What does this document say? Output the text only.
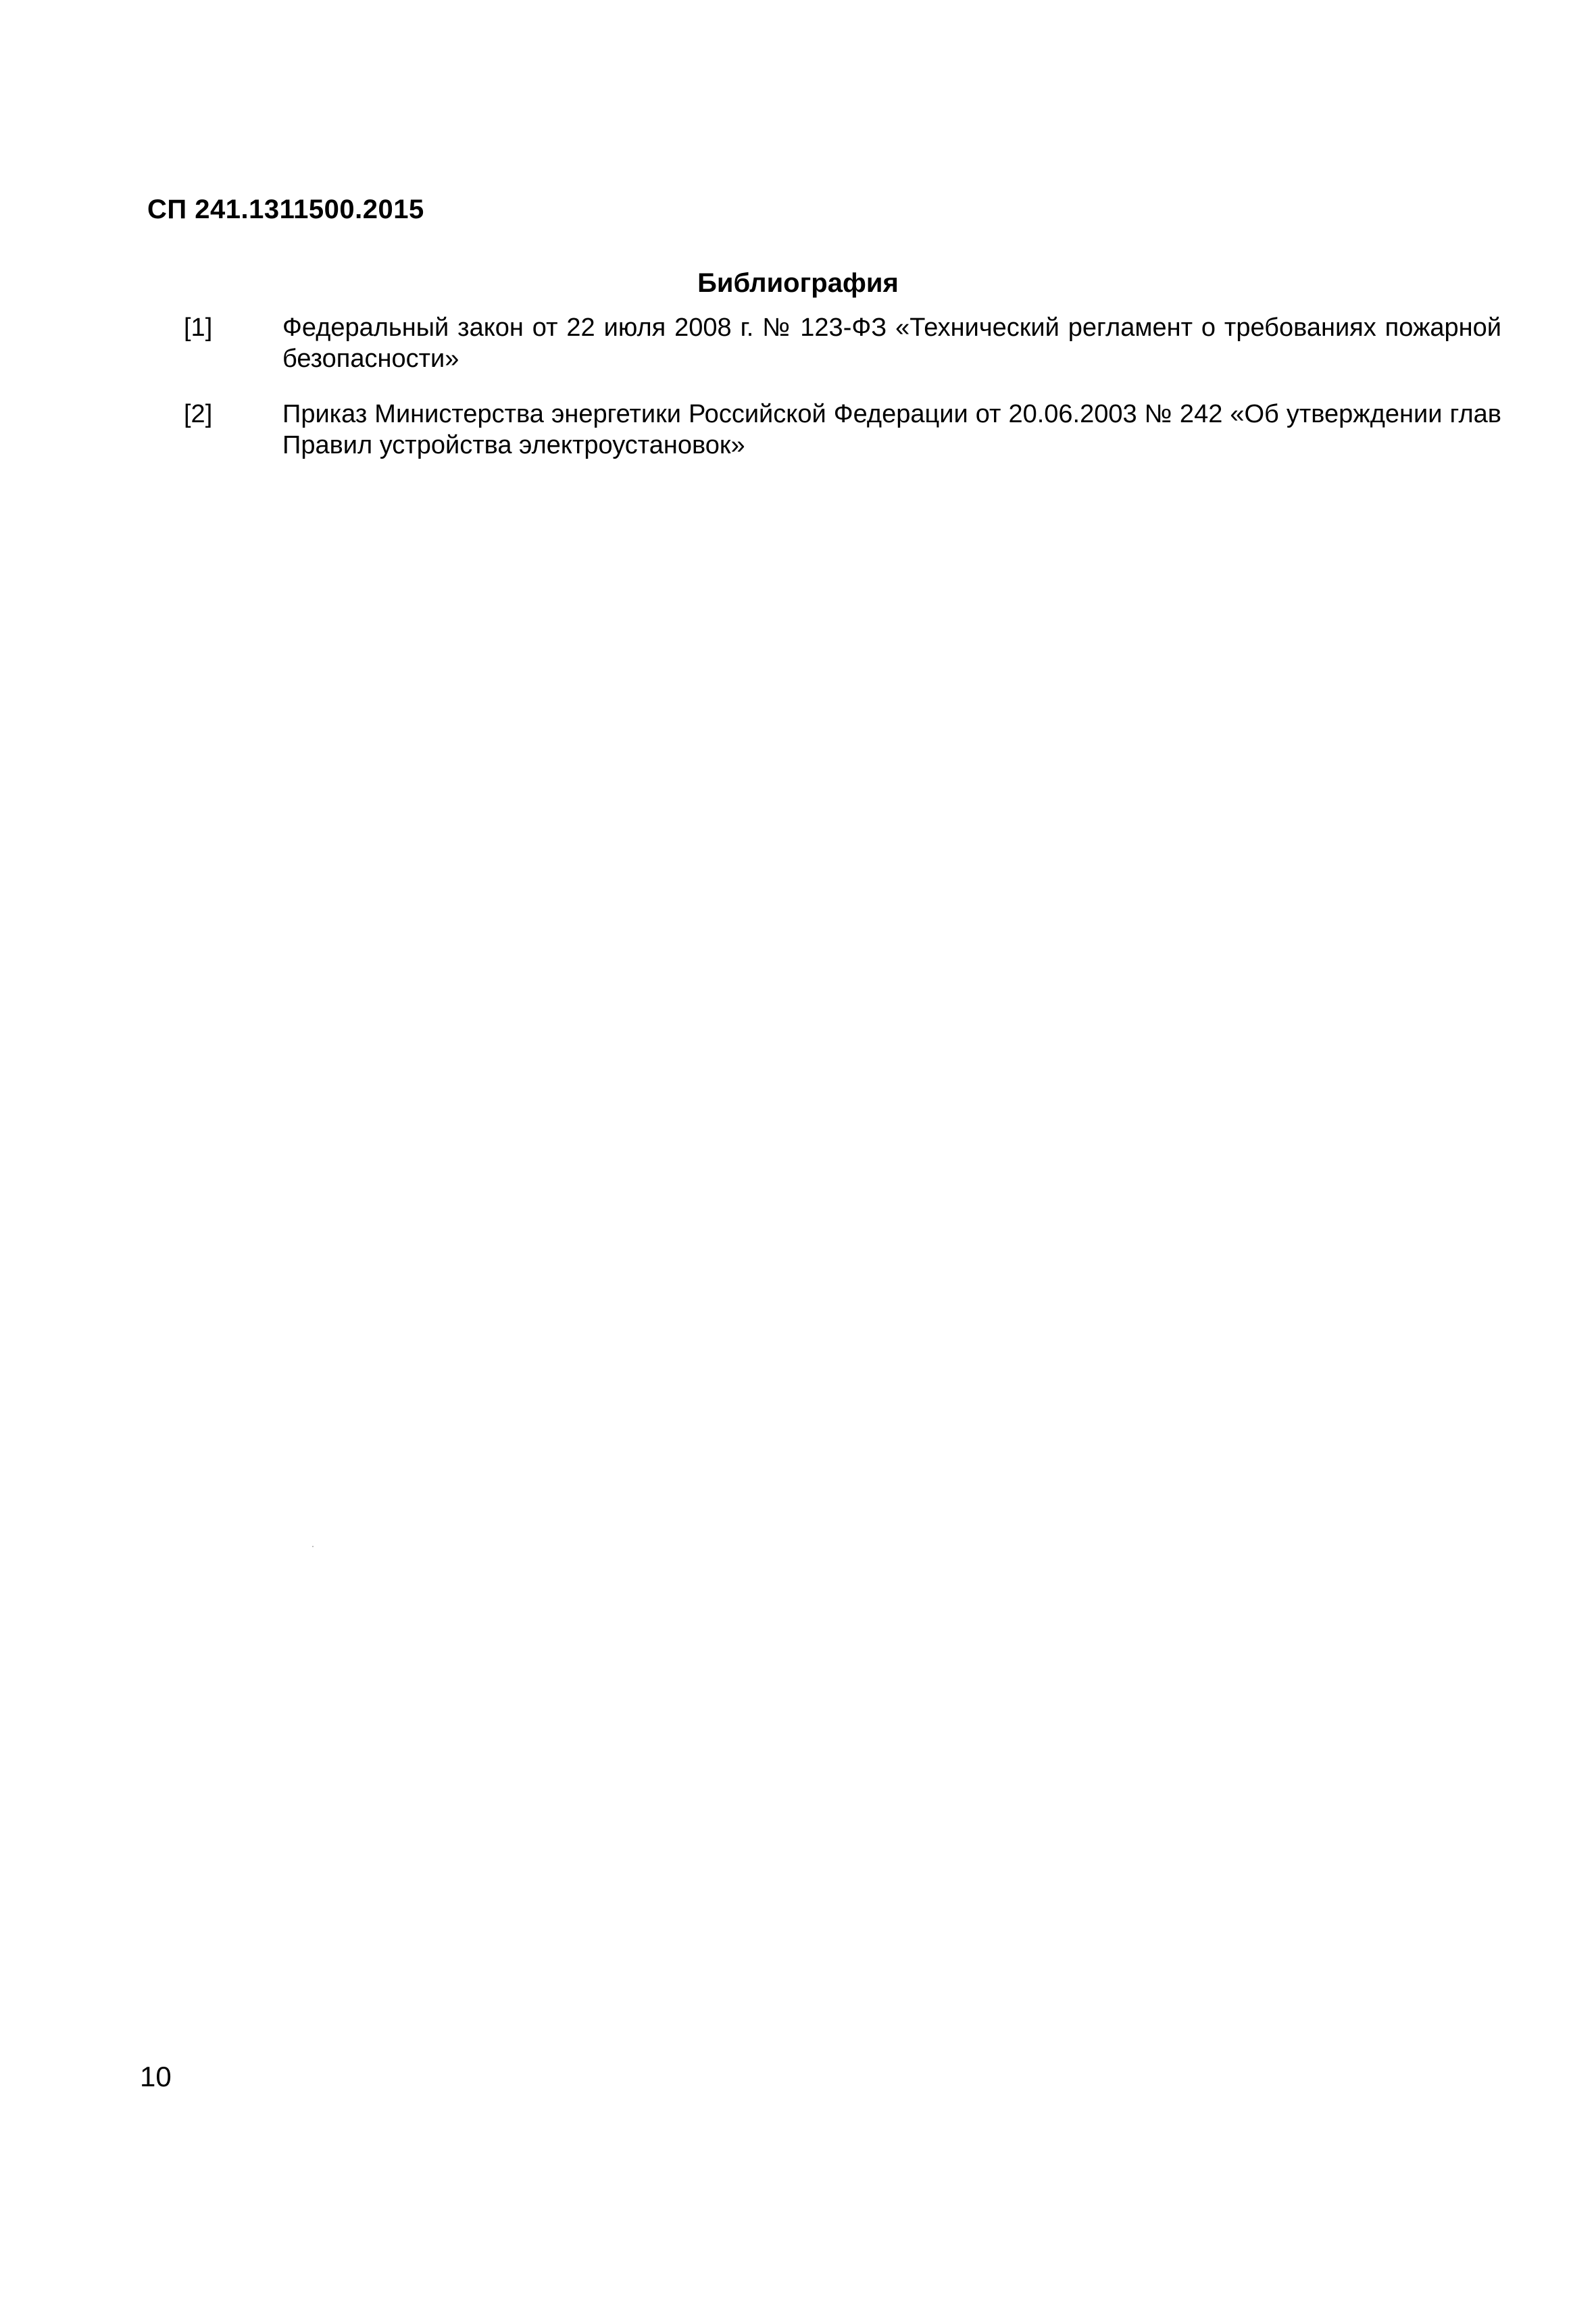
СП 241.1311500.2015
Библиография
[1]	Федеральный закон от 22 июля 2008 г. № 123-ФЗ «Технический регламент о требованиях пожарной безопасности»
[2]	Приказ Министерства энергетики Российской Федерации от 20.06.2003 № 242 «Об утверждении глав Правил устройства электроустановок»
10
